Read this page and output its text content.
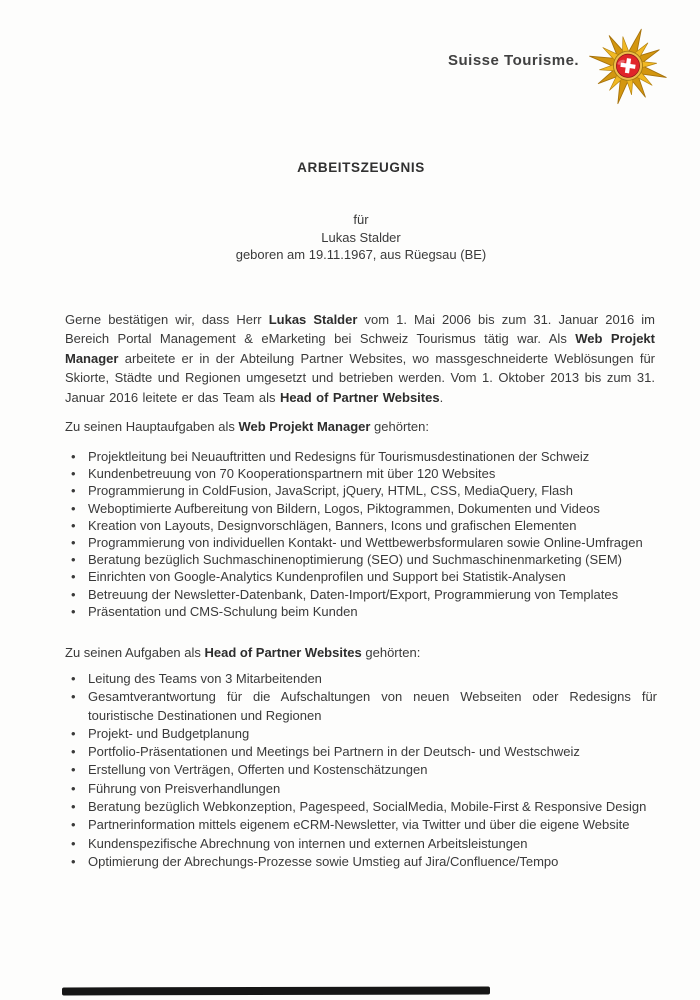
Suisse Tourisme.
ARBEITSZEUGNIS
für
Lukas Stalder
geboren am 19.11.1967, aus Rüegsau (BE)
Gerne bestätigen wir, dass Herr Lukas Stalder vom 1. Mai 2006 bis zum 31. Januar 2016 im Bereich Portal Management & eMarketing bei Schweiz Tourismus tätig war. Als Web Projekt Manager arbeitete er in der Abteilung Partner Websites, wo massgeschneiderte Weblösungen für Skiorte, Städte und Regionen umgesetzt und betrieben werden. Vom 1. Oktober 2013 bis zum 31. Januar 2016 leitete er das Team als Head of Partner Websites.
Zu seinen Hauptaufgaben als Web Projekt Manager gehörten:
• Projektleitung bei Neuauftritten und Redesigns für Tourismusdestinationen der Schweiz
• Kundenbetreuung von 70 Kooperationspartnern mit über 120 Websites
• Programmierung in ColdFusion, JavaScript, jQuery, HTML, CSS, MediaQuery, Flash
• Weboptimierte Aufbereitung von Bildern, Logos, Piktogrammen, Dokumenten und Videos
• Kreation von Layouts, Designvorschlägen, Banners, Icons und grafischen Elementen
• Programmierung von individuellen Kontakt- und Wettbewerbsformularen sowie Online-Umfragen
• Beratung bezüglich Suchmaschinenoptimierung (SEO) und Suchmaschinenmarketing (SEM)
• Einrichten von Google-Analytics Kundenprofilen und Support bei Statistik-Analysen
• Betreuung der Newsletter-Datenbank, Daten-Import/Export, Programmierung von Templates
• Präsentation und CMS-Schulung beim Kunden
Zu seinen Aufgaben als Head of Partner Websites gehörten:
• Leitung des Teams von 3 Mitarbeitenden
• Gesamtverantwortung für die Aufschaltungen von neuen Webseiten oder Redesigns für touristische Destinationen und Regionen
• Projekt- und Budgetplanung
• Portfolio-Präsentationen und Meetings bei Partnern in der Deutsch- und Westschweiz
• Erstellung von Verträgen, Offerten und Kostenschätzungen
• Führung von Preisverhandlungen
• Beratung bezüglich Webkonzeption, Pagespeed, SocialMedia, Mobile-First & Responsive Design
• Partnerinformation mittels eigenem eCRM-Newsletter, via Twitter und über die eigene Website
• Kundenspezifische Abrechnung von internen und externen Arbeitsleistungen
• Optimierung der Abrechungs-Prozesse sowie Umstieg auf Jira/Confluence/Tempo
